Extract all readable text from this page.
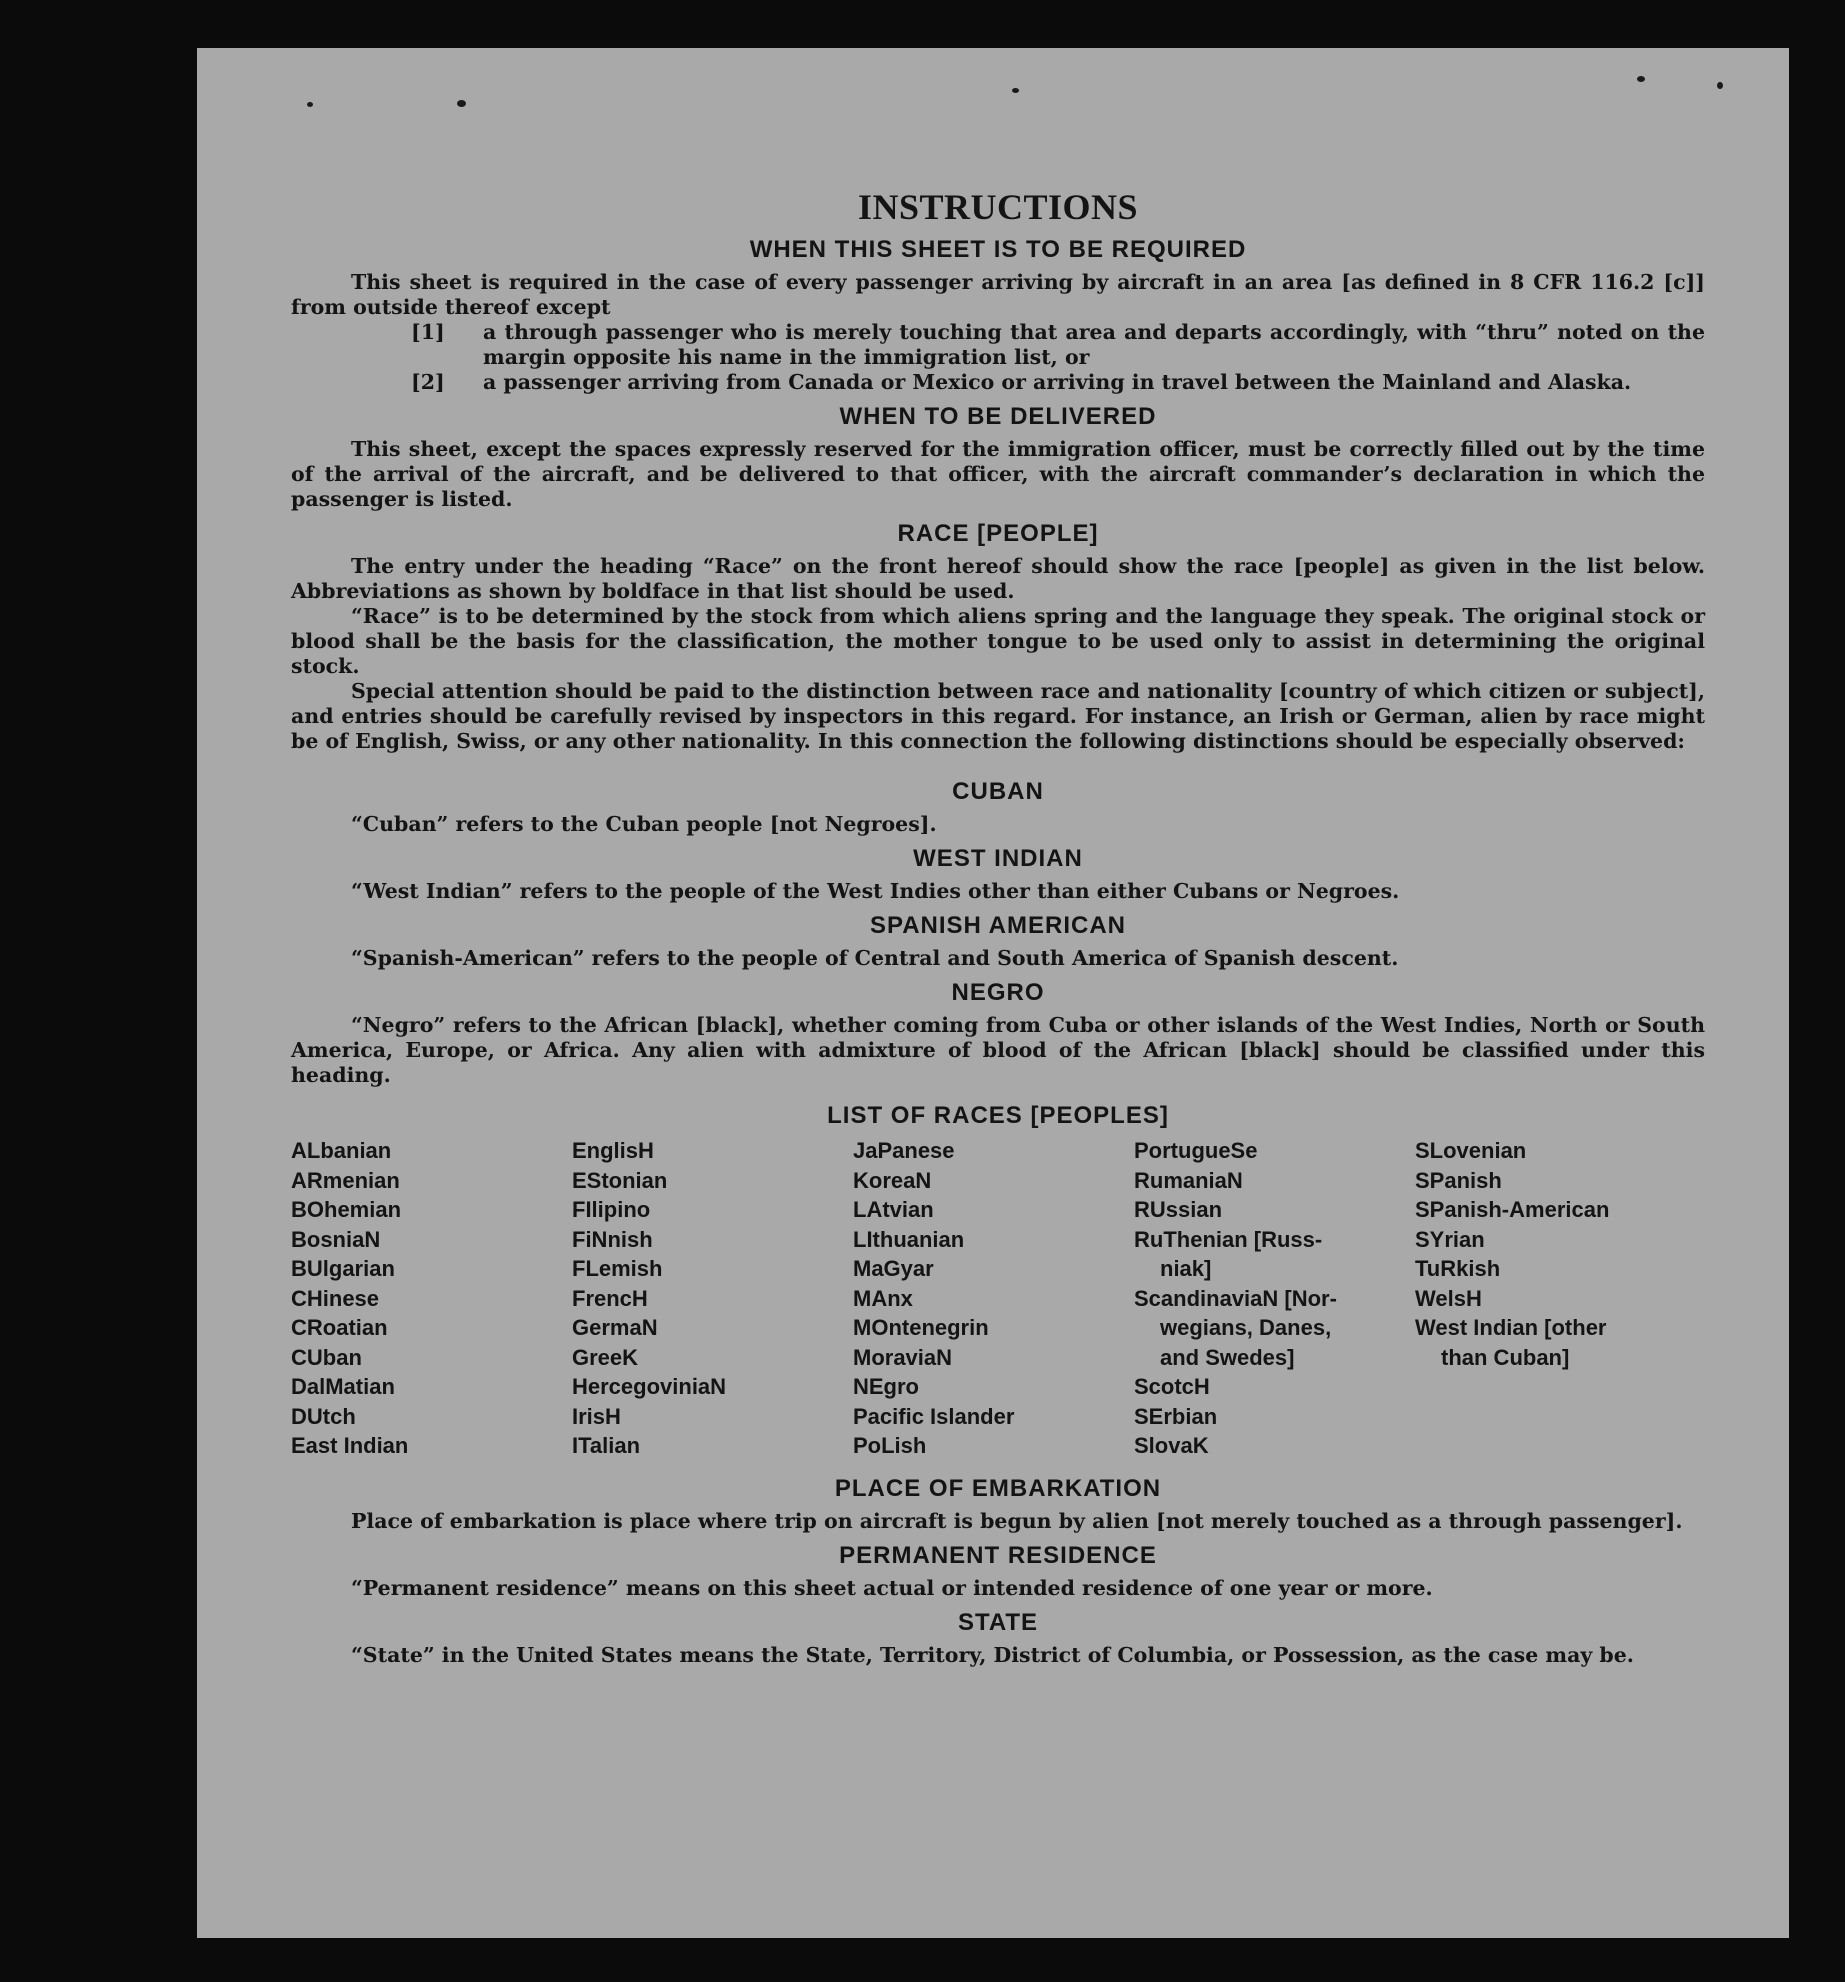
INSTRUCTIONS
WHEN THIS SHEET IS TO BE REQUIRED

This sheet is required in the case of every passenger arriving by aircraft in an area [as defined in 8 CFR 116.2 [c]] from outside thereof except

[1]	a through passenger who is merely touching that area and departs accordingly, with “thru” noted on the margin opposite his name in the immigration list, or
[2]	a passenger arriving from Canada or Mexico or arriving in travel between the Mainland and Alaska.
WHEN TO BE DELIVERED

This sheet, except the spaces expressly reserved for the immigration officer, must be correctly filled out by the time of the arrival of the aircraft, and be delivered to that officer, with the aircraft commander’s declaration in which the passenger is listed.

RACE [PEOPLE]

The entry under the heading “Race” on the front hereof should show the race [people] as given in the list below. Abbreviations as shown by boldface in that list should be used.

“Race” is to be determined by the stock from which aliens spring and the language they speak. The original stock or blood shall be the basis for the classification, the mother tongue to be used only to assist in determining the original stock.

Special attention should be paid to the distinction between race and nationality [country of which citizen or subject], and entries should be carefully revised by inspectors in this regard. For instance, an Irish or German, alien by race might be of English, Swiss, or any other nationality. In this connection the following distinctions should be especially observed:

CUBAN

“Cuban” refers to the Cuban people [not Negroes].

WEST INDIAN

“West Indian” refers to the people of the West Indies other than either Cubans or Negroes.

SPANISH AMERICAN

“Spanish-American” refers to the people of Central and South America of Spanish descent.

NEGRO

“Negro” refers to the African [black], whether coming from Cuba or other islands of the West Indies, North or South America, Europe, or Africa. Any alien with admixture of blood of the African [black] should be classified under this heading.

LIST OF RACES [PEOPLES]
ALbanian
ARmenian
BOhemian
BosniaN
BUlgarian
CHinese
CRoatian
CUban
DalMatian
DUtch
East Indian
EnglisH
EStonian
FIlipino
FiNnish
FLemish
FrencH
GermaN
GreeK
HercegovinіaN
IrisH
ITalian
JaPanese
KoreaN
LAtvian
LIthuanian
MaGyar
MAnx
MOntenegrin
MoraviaN
NEgro
Pacific Islander
PoLish
PortugueSe
RumaniaN
RUssian
RuThenian [Russ-
niak]
ScandinaviaN [Nor-
wegians, Danes,
and Swedes]
ScotcH
SErbian
SlovaK
SLovenian
SPanish
SPanish-American
SYrian
TuRkish
WelsH
West Indian [other
than Cuban]
PLACE OF EMBARKATION

Place of embarkation is place where trip on aircraft is begun by alien [not merely touched as a through passenger].

PERMANENT RESIDENCE

“Permanent residence” means on this sheet actual or intended residence of one year or more.

STATE

“State” in the United States means the State, Territory, District of Columbia, or Possession, as the case may be.
